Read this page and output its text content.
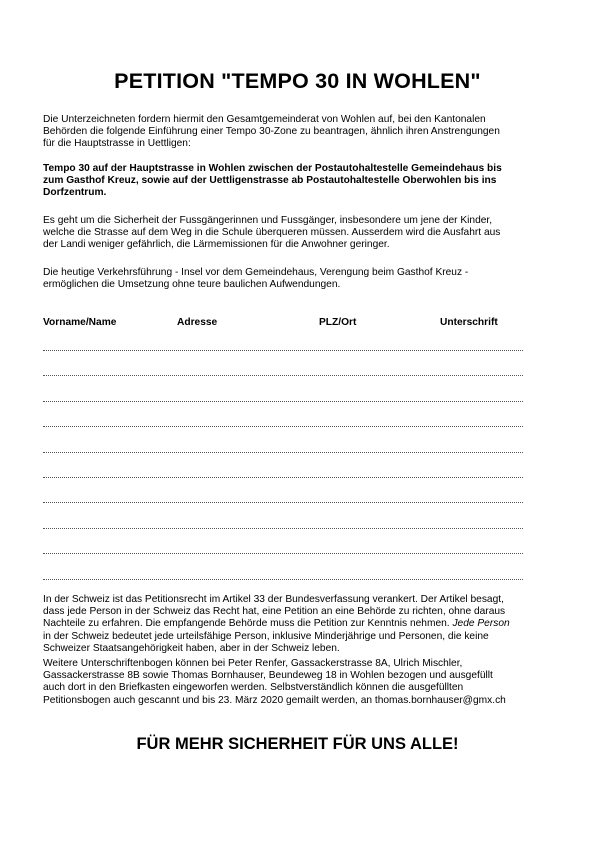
PETITION "TEMPO 30 IN WOHLEN"
Die Unterzeichneten fordern hiermit den Gesamtgemeinderat von Wohlen auf, bei den Kantonalen
Behörden die folgende Einführung einer Tempo 30-Zone zu beantragen, ähnlich ihren Anstrengungen
für die Hauptstrasse in Uettligen:
Tempo 30 auf der Hauptstrasse in Wohlen zwischen der Postautohaltestelle Gemeindehaus bis
zum Gasthof Kreuz, sowie auf der Uettligenstrasse ab Postautohaltestelle Oberwohlen bis ins
Dorfzentrum.
Es geht um die Sicherheit der Fussgängerinnen und Fussgänger, insbesondere um jene der Kinder,
welche die Strasse auf dem Weg in die Schule überqueren müssen. Ausserdem wird die Ausfahrt aus
der Landi weniger gefährlich, die Lärmemissionen für die Anwohner geringer.
Die heutige Verkehrsführung - Insel vor dem Gemeindehaus, Verengung beim Gasthof Kreuz -
ermöglichen die Umsetzung ohne teure baulichen Aufwendungen.
Vorname/Name	Adresse	PLZ/Ort	Unterschrift
In der Schweiz ist das Petitionsrecht im Artikel 33 der Bundesverfassung verankert. Der Artikel besagt,
dass jede Person in der Schweiz das Recht hat, eine Petition an eine Behörde zu richten, ohne daraus
Nachteile zu erfahren. Die empfangende Behörde muss die Petition zur Kenntnis nehmen. Jede Person
in der Schweiz bedeutet jede urteilsfähige Person, inklusive Minderjährige und Personen, die keine
Schweizer Staatsangehörigkeit haben, aber in der Schweiz leben.
Weitere Unterschriftenbogen können bei Peter Renfer, Gassackerstrasse 8A, Ulrich Mischler,
Gassackerstrasse 8B sowie Thomas Bornhauser, Beundeweg 18 in Wohlen bezogen und ausgefüllt
auch dort in den Briefkasten eingeworfen werden. Selbstverständlich können die ausgefüllten
Petitionsbogen auch gescannt und bis 23. März 2020 gemailt werden, an thomas.bornhauser@gmx.ch
FÜR MEHR SICHERHEIT FÜR UNS ALLE!
